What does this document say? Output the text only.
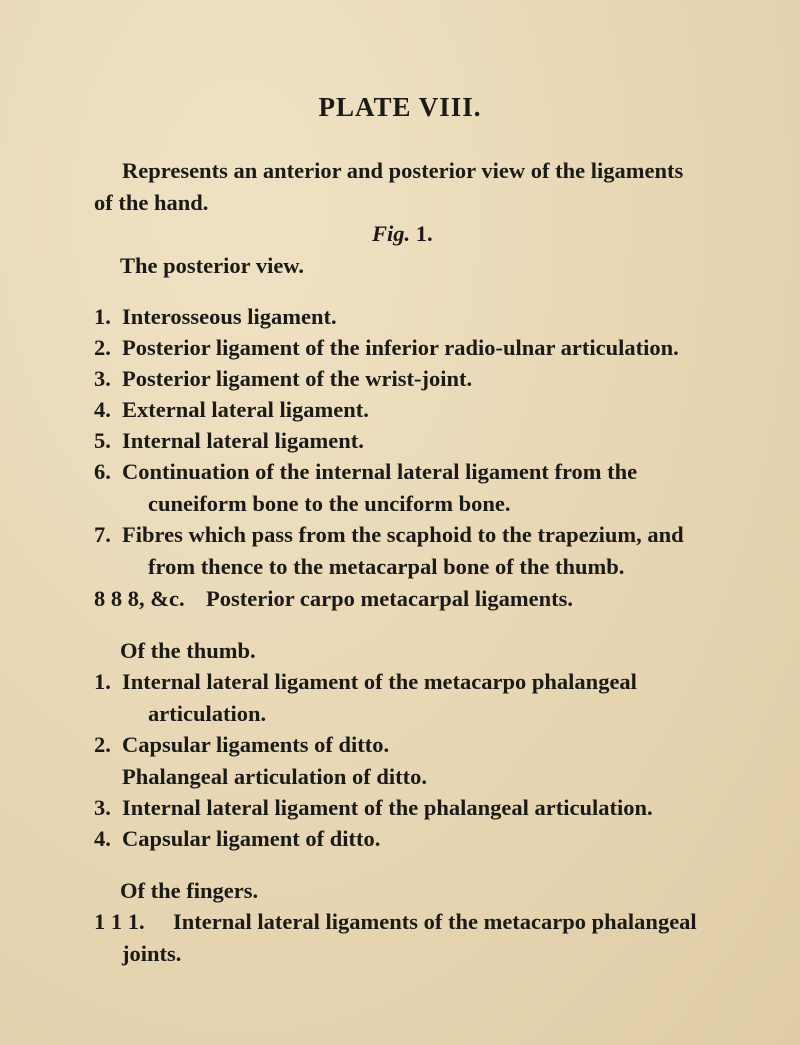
PLATE VIII.
Represents an anterior and posterior view of the ligaments
of the hand.
Fig. 1.
The posterior view.
1. Interosseous ligament.
2. Posterior ligament of the inferior radio-ulnar articulation.
3. Posterior ligament of the wrist-joint.
4. External lateral ligament.
5. Internal lateral ligament.
6. Continuation of the internal lateral ligament from the
cuneiform bone to the unciform bone.
7. Fibres which pass from the scaphoid to the trapezium, and
from thence to the metacarpal bone of the thumb.
8 8 8, &c. Posterior carpo metacarpal ligaments.
Of the thumb.
1. Internal lateral ligament of the metacarpo phalangeal
articulation.
2. Capsular ligaments of ditto.
Phalangeal articulation of ditto.
3. Internal lateral ligament of the phalangeal articulation.
4. Capsular ligament of ditto.
Of the fingers.
1 1 1. Internal lateral ligaments of the metacarpo phalangeal
joints.
